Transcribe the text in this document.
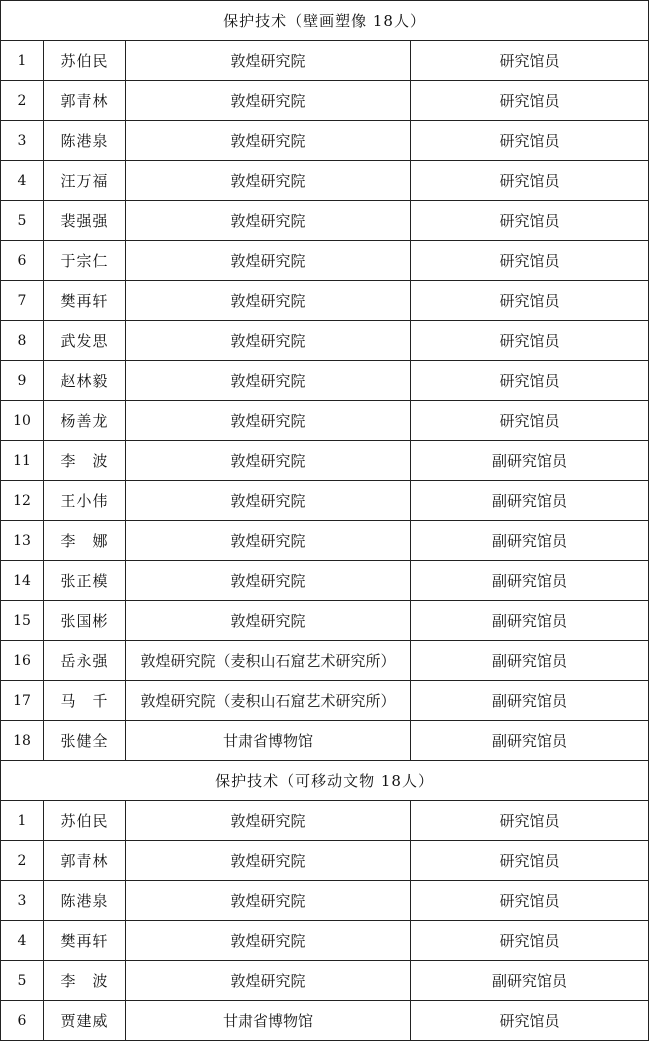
保护技术（壁画塑像 18人）			
1	苏伯民	敦煌研究院	研究馆员
2	郭青林	敦煌研究院	研究馆员
3	陈港泉	敦煌研究院	研究馆员
4	汪万福	敦煌研究院	研究馆员
5	裴强强	敦煌研究院	研究馆员
6	于宗仁	敦煌研究院	研究馆员
7	樊再轩	敦煌研究院	研究馆员
8	武发思	敦煌研究院	研究馆员
9	赵林毅	敦煌研究院	研究馆员
10	杨善龙	敦煌研究院	研究馆员
11	李　波	敦煌研究院	副研究馆员
12	王小伟	敦煌研究院	副研究馆员
13	李　娜	敦煌研究院	副研究馆员
14	张正模	敦煌研究院	副研究馆员
15	张国彬	敦煌研究院	副研究馆员
16	岳永强	敦煌研究院（麦积山石窟艺术研究所）	副研究馆员
17	马　千	敦煌研究院（麦积山石窟艺术研究所）	副研究馆员
18	张健全	甘肃省博物馆	副研究馆员
保护技术（可移动文物 18人）			
1	苏伯民	敦煌研究院	研究馆员
2	郭青林	敦煌研究院	研究馆员
3	陈港泉	敦煌研究院	研究馆员
4	樊再轩	敦煌研究院	研究馆员
5	李　波	敦煌研究院	副研究馆员
6	贾建威	甘肃省博物馆	研究馆员
